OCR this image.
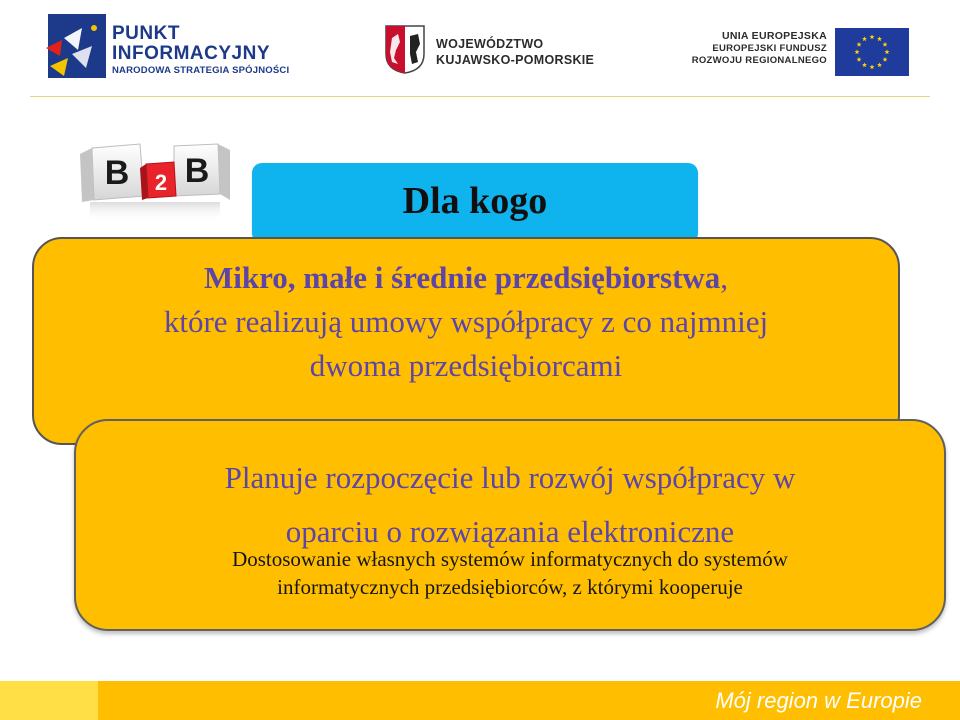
PUNKT
INFORMACYJNY
NARODOWA STRATEGIA SPÓJNOŚCI
WOJEWÓDZTWO
KUJAWSKO-POMORSKIE
UNIA EUROPEJSKA
EUROPEJSKI FUNDUSZ
ROZWOJU REGIONALNEGO
B 2 B
Dla kogo
Mikro, małe i średnie przedsiębiorstwa,
które realizują umowy współpracy z co najmniej
dwoma przedsiębiorcami
Planuje rozpoczęcie lub rozwój współpracy w
oparciu o rozwiązania elektroniczne
Dostosowanie własnych systemów informatycznych do systemów
informatycznych przedsiębiorców, z którymi kooperuje
Mój region w Europie
